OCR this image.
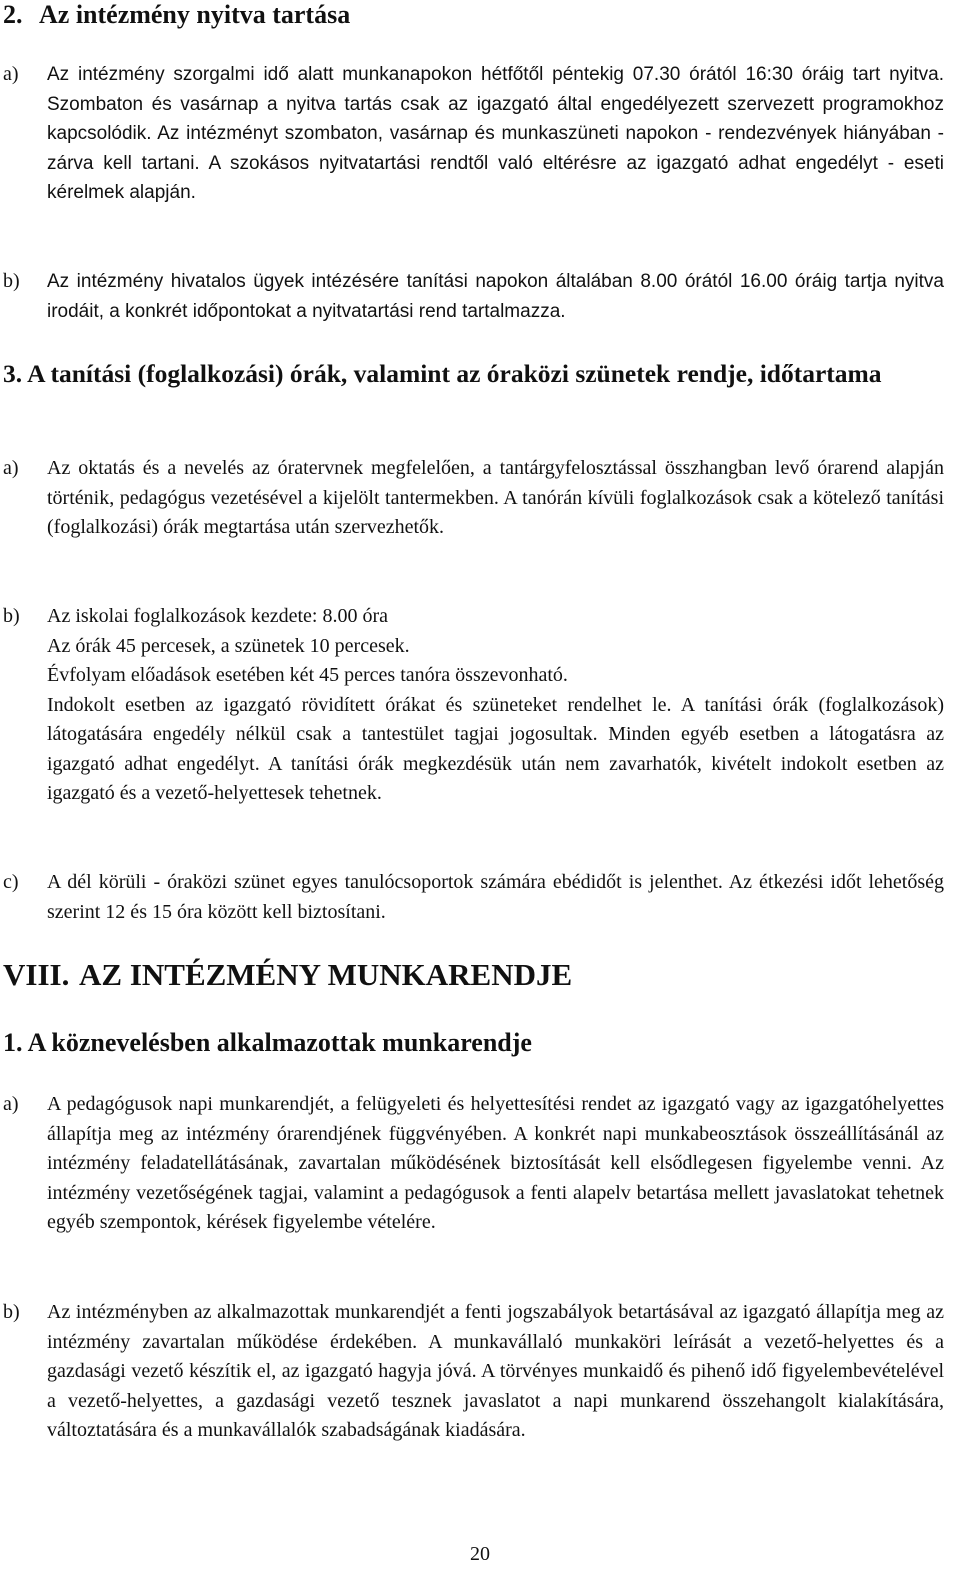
2. Az intézmény nyitva tartása
a) Az intézmény szorgalmi idő alatt munkanapokon hétfőtől péntekig 07.30 órától 16:30 óráig tart nyitva. Szombaton és vasárnap a nyitva tartás csak az igazgató által engedélyezett szervezett programokhoz kapcsolódik. Az intézményt szombaton, vasárnap és munkaszüneti napokon - rendezvények hiányában - zárva kell tartani. A szokásos nyitvatartási rendtől való eltérésre az igazgató adhat engedélyt - eseti kérelmek alapján.

b) Az intézmény hivatalos ügyek intézésére tanítási napokon általában 8.00 órától 16.00 óráig tartja nyitva irodáit, a konkrét időpontokat a nyitvatartási rend tartalmazza.

3. A tanítási (foglalkozási) órák, valamint az óraközi szünetek rendje, időtartama
a) Az oktatás és a nevelés az óratervnek megfelelően, a tantárgyfelosztással összhangban levő órarend alapján történik, pedagógus vezetésével a kijelölt tantermekben. A tanórán kívüli foglalkozások csak a kötelező tanítási (foglalkozási) órák megtartása után szervezhetők.

b) Az iskolai foglalkozások kezdete: 8.00 óra
Az órák 45 percesek, a szünetek 10 percesek.
Évfolyam előadások esetében két 45 perces tanóra összevonható.

Indokolt esetben az igazgató rövidített órákat és szüneteket rendelhet le. A tanítási órák (foglalkozások) látogatására engedély nélkül csak a tantestület tagjai jogosultak. Minden egyéb esetben a látogatásra az igazgató adhat engedélyt. A tanítási órák megkezdésük után nem zavarhatók, kivételt indokolt esetben az igazgató és a vezető-helyettesek tehetnek.

c) A dél körüli - óraközi szünet egyes tanulócsoportok számára ebédidőt is jelenthet. Az étkezési időt lehetőség szerint 12 és 15 óra között kell biztosítani.

VIII. AZ INTÉZMÉNY MUNKARENDJE
1. A köznevelésben alkalmazottak munkarendje
a) A pedagógusok napi munkarendjét, a felügyeleti és helyettesítési rendet az igazgató vagy az igazgatóhelyettes állapítja meg az intézmény órarendjének függvényében. A konkrét napi munkabeosztások összeállításánál az intézmény feladatellátásának, zavartalan működésének biztosítását kell elsődlegesen figyelembe venni. Az intézmény vezetőségének tagjai, valamint a pedagógusok a fenti alapelv betartása mellett javaslatokat tehetnek egyéb szempontok, kérések figyelembe vételére.

b) Az intézményben az alkalmazottak munkarendjét a fenti jogszabályok betartásával az igazgató állapítja meg az intézmény zavartalan működése érdekében. A munkavállaló munkaköri leírását a vezető-helyettes és a gazdasági vezető készítik el, az igazgató hagyja jóvá. A törvényes munkaidő és pihenő idő figyelembevételével a vezető-helyettes, a gazdasági vezető tesznek javaslatot a napi munkarend összehangolt kialakítására, változtatására és a munkavállalók szabadságának kiadására.

20
